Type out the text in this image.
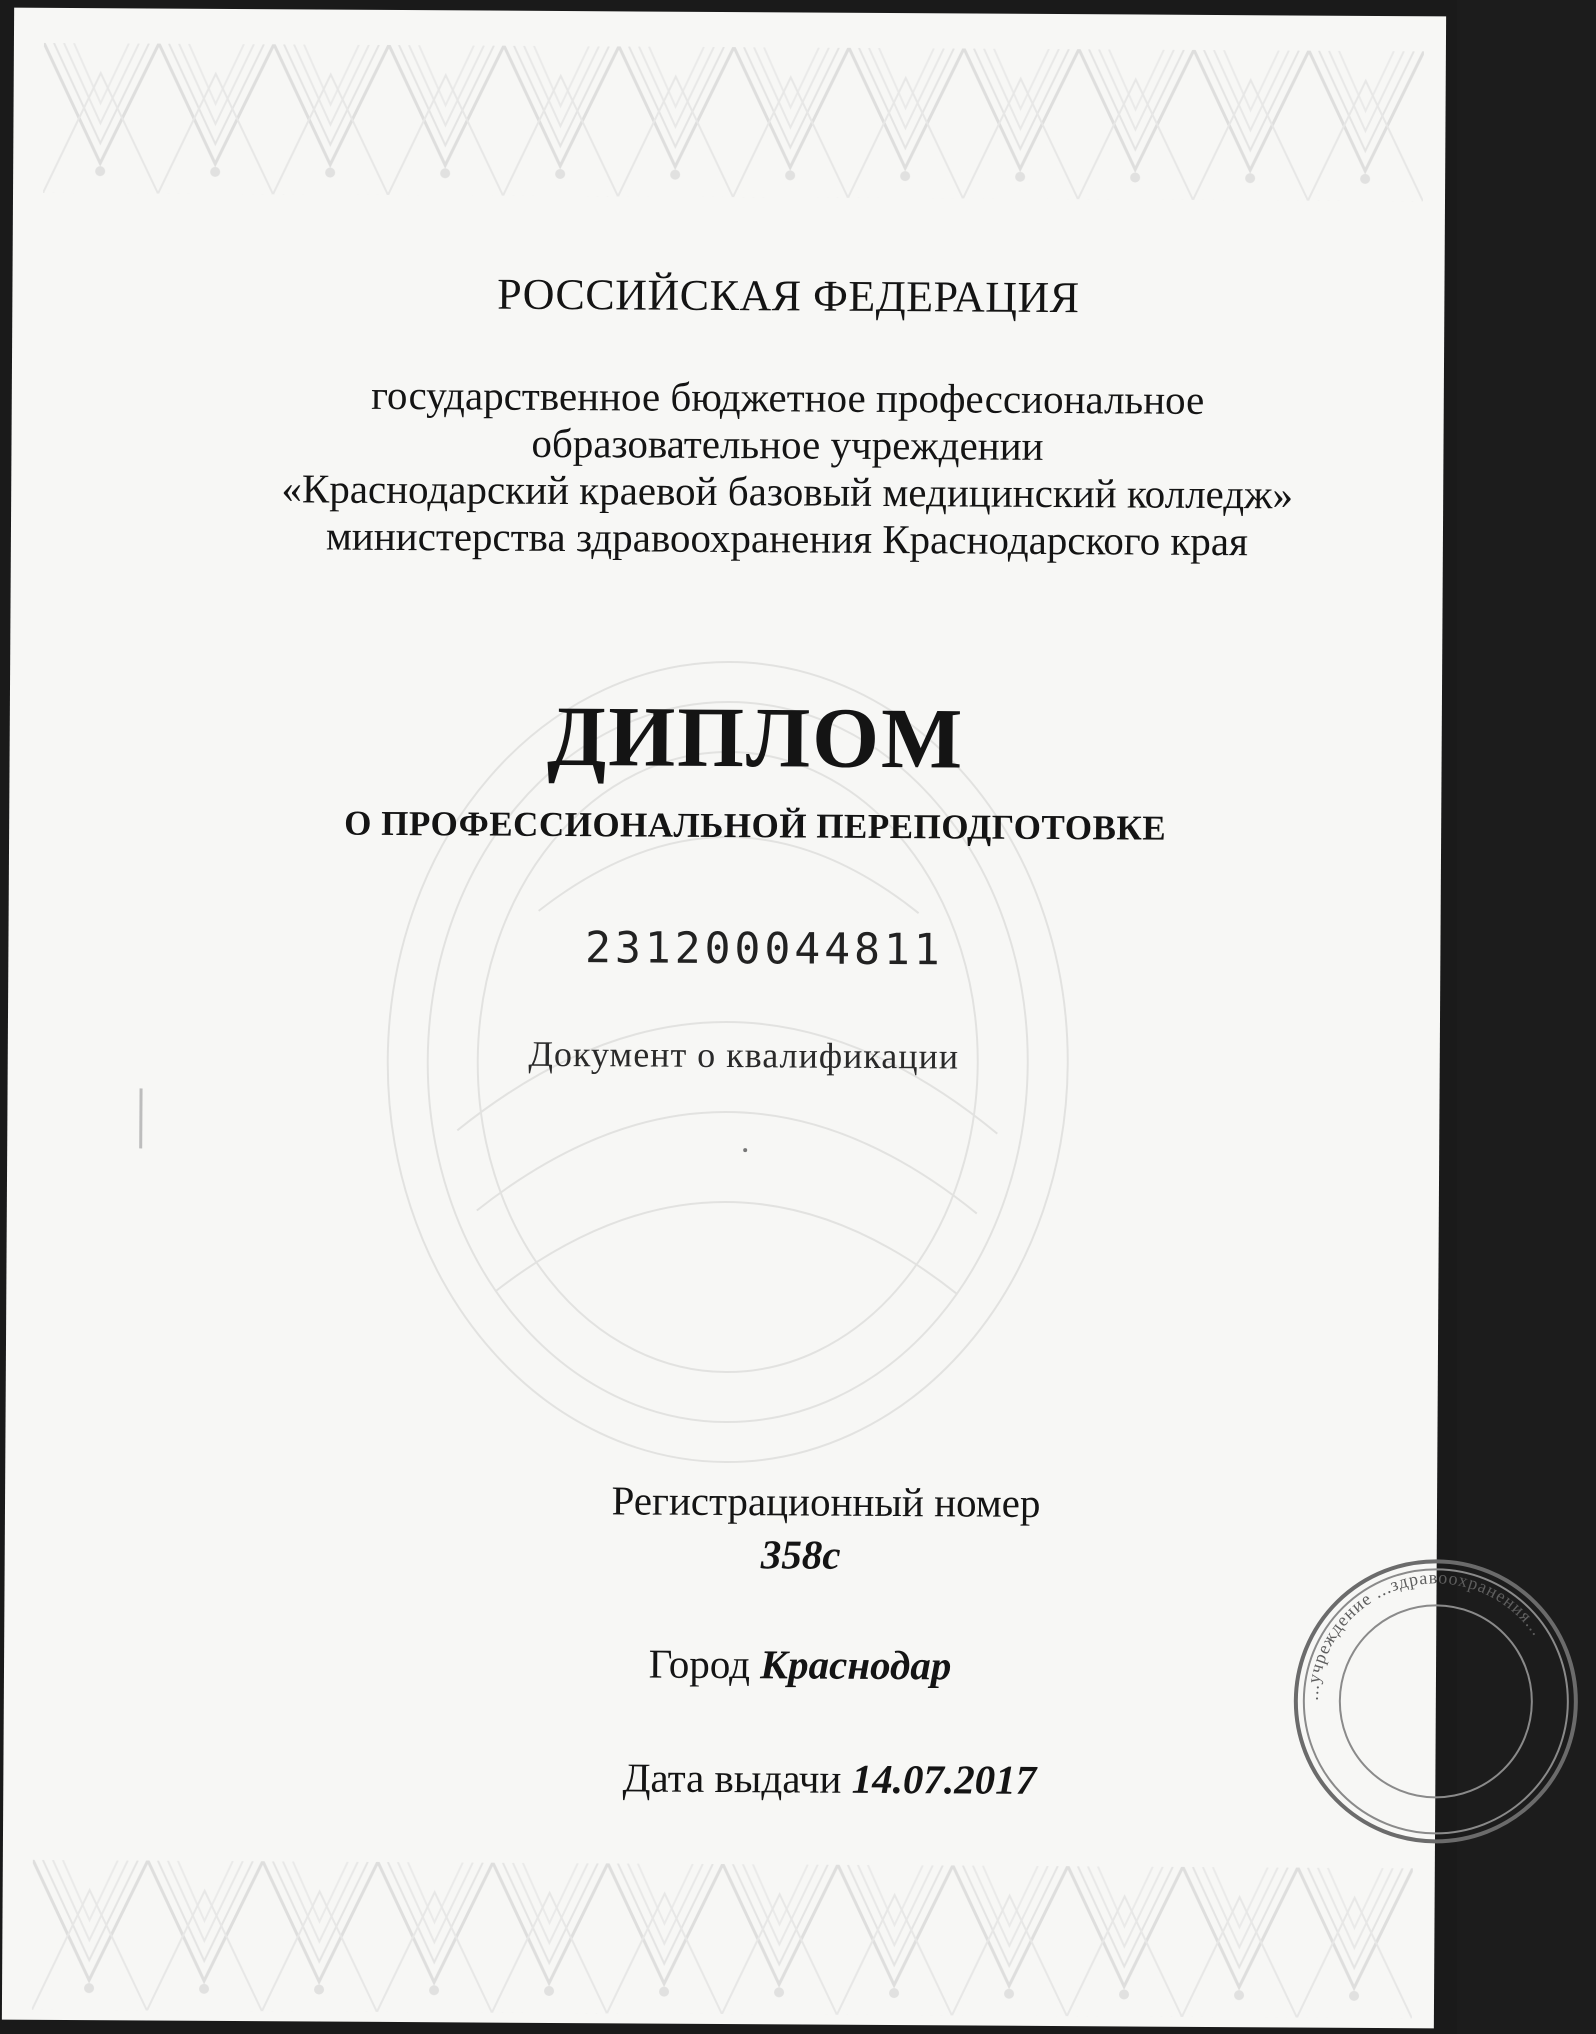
РОССИЙСКАЯ ФЕДЕРАЦИЯ
государственное бюджетное профессиональное
образовательное учреждении
«Краснодарский краевой базовый медицинский колледж»
министерства здравоохранения Краснодарского края
ДИПЛОМ
О ПРОФЕССИОНАЛЬНОЙ ПЕРЕПОДГОТОВКЕ
231200044811
Документ о квалификации
Регистрационный номер
358с
Город Краснодар
Дата выдачи 14.07.2017
...учреждение ...здравоохранения...
